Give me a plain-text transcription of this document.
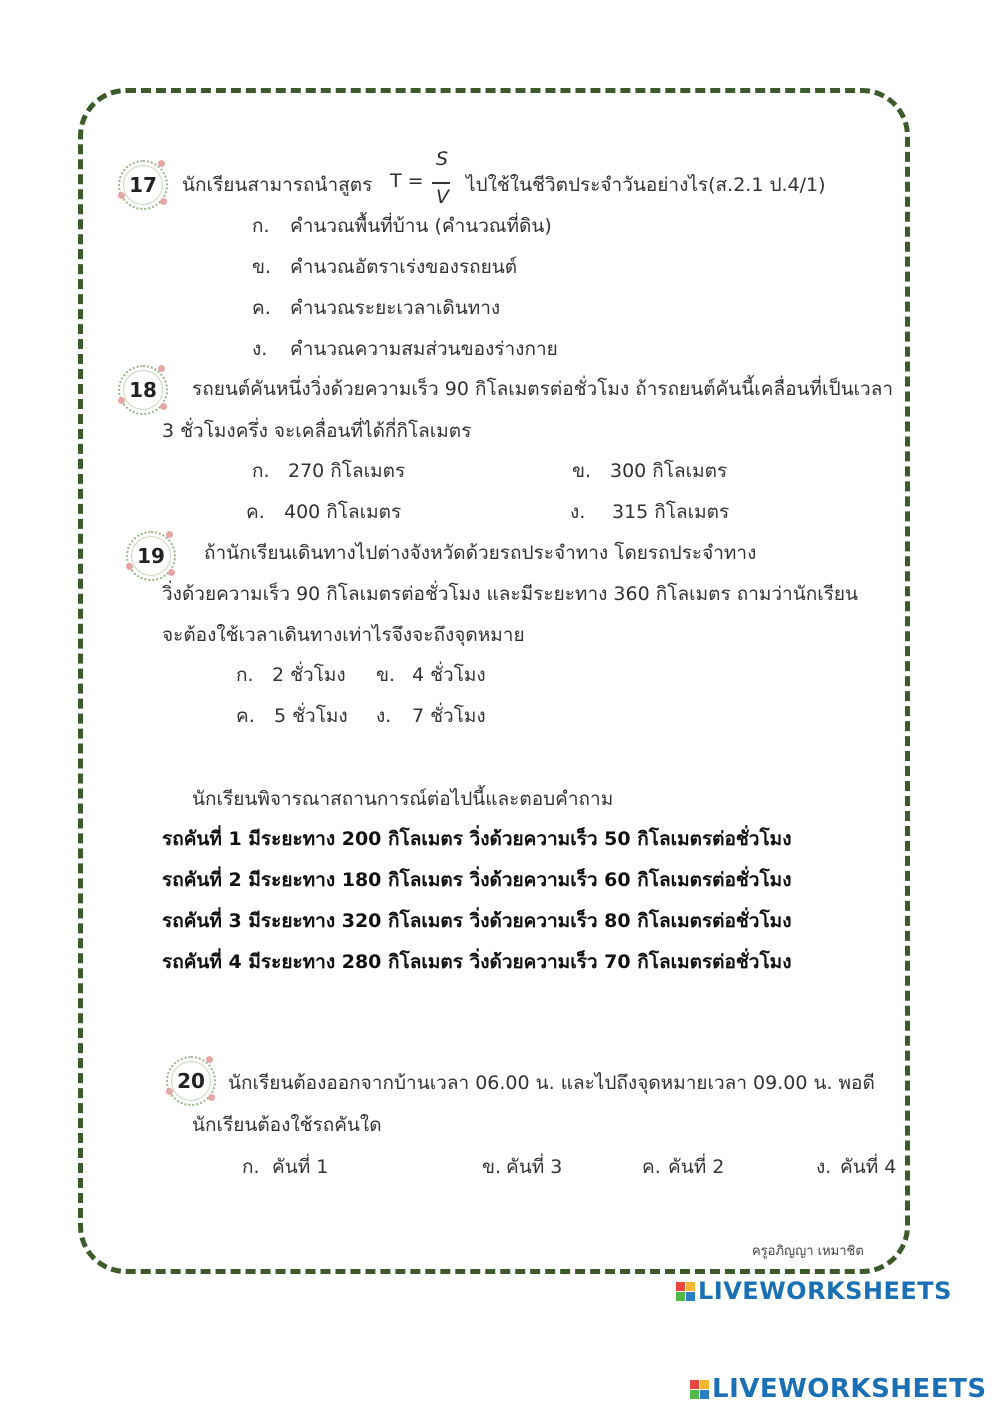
17 นักเรียนสามารถนำสูตร T =
S
V
ไปใช้ในชีวิตประจำวันอย่างไร(ส.2.1 ป.4/1)
ก. คำนวณพื้นที่บ้าน (คำนวณที่ดิน)
ข. คำนวณอัตราเร่งของรถยนต์
ค. คำนวณระยะเวลาเดินทาง
ง. คำนวณความสมส่วนของร่างกาย
18 รถยนต์คันหนึ่งวิ่งด้วยความเร็ว 90 กิโลเมตรต่อชั่วโมง ถ้ารถยนต์คันนี้เคลื่อนที่เป็นเวลา
3 ชั่วโมงครึ่ง จะเคลื่อนที่ได้กี่กิโลเมตร
ก. 270 กิโลเมตร	ข. 300 กิโลเมตร
ค. 400 กิโลเมตร	ง. 315 กิโลเมตร
19 ถ้านักเรียนเดินทางไปต่างจังหวัดด้วยรถประจำทาง โดยรถประจำทาง
วิ่งด้วยความเร็ว 90 กิโลเมตรต่อชั่วโมง และมีระยะทาง 360 กิโลเมตร ถามว่านักเรียน
จะต้องใช้เวลาเดินทางเท่าไรจึงจะถึงจุดหมาย
ก. 2 ชั่วโมง ข. 4 ชั่วโมง
ค. 5 ชั่วโมง ง. 7 ชั่วโมง
นักเรียนพิจารณาสถานการณ์ต่อไปนี้และตอบคำถาม
รถคันที่ 1 มีระยะทาง 200 กิโลเมตร วิ่งด้วยความเร็ว 50 กิโลเมตรต่อชั่วโมง
รถคันที่ 2 มีระยะทาง 180 กิโลเมตร วิ่งด้วยความเร็ว 60 กิโลเมตรต่อชั่วโมง
รถคันที่ 3 มีระยะทาง 320 กิโลเมตร วิ่งด้วยความเร็ว 80 กิโลเมตรต่อชั่วโมง
รถคันที่ 4 มีระยะทาง 280 กิโลเมตร วิ่งด้วยความเร็ว 70 กิโลเมตรต่อชั่วโมง
20 นักเรียนต้องออกจากบ้านเวลา 06.00 น. และไปถึงจุดหมายเวลา 09.00 น. พอดี
นักเรียนต้องใช้รถคันใด
ก. คันที่ 1	ข. คันที่ 3	ค. คันที่ 2	ง. คันที่ 4
ครูอภิญญา เหมาชิต
LIVEWORKSHEETS
LIVEWORKSHEETS
